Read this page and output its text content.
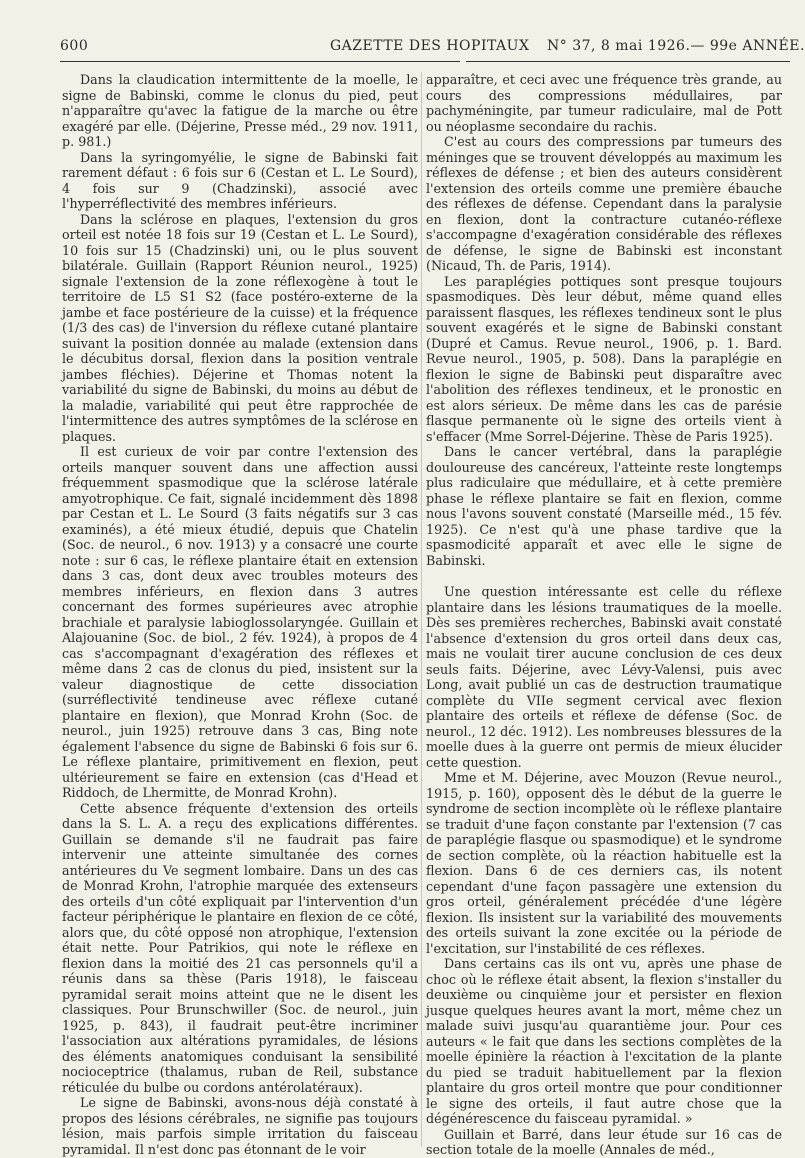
600	GAZETTE DES HOPITAUX N° 37, 8 mai 1926.— 99e ANNÉE.

Dans la claudication intermittente de la moelle, le signe de Babinski, comme le clonus du pied, peut n'apparaître qu'avec la fatigue de la marche ou être exagéré par elle. (Déjerine, Presse méd., 29 nov. 1911, p. 981.)

Dans la syringomyélie, le signe de Babinski fait rarement défaut : 6 fois sur 6 (Cestan et L. Le Sourd), 4 fois sur 9 (Chadzinski), associé avec l'hyperréflectivité des membres inférieurs.

Dans la sclérose en plaques, l'extension du gros orteil est notée 18 fois sur 19 (Cestan et L. Le Sourd), 10 fois sur 15 (Chadzinski) uni, ou le plus souvent bilatérale. Guillain (Rapport Réunion neurol., 1925) signale l'extension de la zone réflexogène à tout le territoire de L5 S1 S2 (face postéro-externe de la jambe et face postérieure de la cuisse) et la fréquence (1/3 des cas) de l'inversion du réflexe cutané plantaire suivant la position donnée au malade (extension dans le décubitus dorsal, flexion dans la position ventrale jambes fléchies). Déjerine et Thomas notent la variabilité du signe de Babinski, du moins au début de la maladie, variabilité qui peut être rapprochée de l'intermittence des autres symptômes de la sclérose en plaques.

Il est curieux de voir par contre l'extension des orteils manquer souvent dans une affection aussi fréquemment spasmodique que la sclérose latérale amyotrophique. Ce fait, signalé incidemment dès 1898 par Cestan et L. Le Sourd (3 faits négatifs sur 3 cas examinés), a été mieux étudié, depuis que Chatelin (Soc. de neurol., 6 nov. 1913) y a consacré une courte note : sur 6 cas, le réflexe plantaire était en extension dans 3 cas, dont deux avec troubles moteurs des membres inférieurs, en flexion dans 3 autres concernant des formes supérieures avec atrophie brachiale et paralysie labioglossolaryngée. Guillain et Alajouanine (Soc. de biol., 2 fév. 1924), à propos de 4 cas s'accompagnant d'exagération des réflexes et même dans 2 cas de clonus du pied, insistent sur la valeur diagnostique de cette dissociation (surréflectivité tendineuse avec réflexe cutané plantaire en flexion), que Monrad Krohn (Soc. de neurol., juin 1925) retrouve dans 3 cas, Bing note également l'absence du signe de Babinski 6 fois sur 6. Le réflexe plantaire, primitivement en flexion, peut ultérieurement se faire en extension (cas d'Head et Riddoch, de Lhermitte, de Monrad Krohn).

Cette absence fréquente d'extension des orteils dans la S. L. A. a reçu des explications différentes. Guillain se demande s'il ne faudrait pas faire intervenir une atteinte simultanée des cornes antérieures du Ve segment lombaire. Dans un des cas de Monrad Krohn, l'atrophie marquée des extenseurs des orteils d'un côté expliquait par l'intervention d'un facteur périphérique le plantaire en flexion de ce côté, alors que, du côté opposé non atrophique, l'extension était nette. Pour Patrikios, qui note le réflexe en flexion dans la moitié des 21 cas personnels qu'il a réunis dans sa thèse (Paris 1918), le faisceau pyramidal serait moins atteint que ne le disent les classiques. Pour Brunschwiller (Soc. de neurol., juin 1925, p. 843), il faudrait peut-être incriminer l'association aux altérations pyramidales, de lésions des éléments anatomiques conduisant la sensibilité nocioceptrice (thalamus, ruban de Reil, substance réticulée du bulbe ou cordons antérolatéraux).

Le signe de Babinski, avons-nous déjà constaté à propos des lésions cérébrales, ne signifie pas toujours lésion, mais parfois simple irritation du faisceau pyramidal. Il n'est donc pas étonnant de le voir

apparaître, et ceci avec une fréquence très grande, au cours des compressions médullaires, par pachyméningite, par tumeur radiculaire, mal de Pott ou néoplasme secondaire du rachis.

C'est au cours des compressions par tumeurs des méninges que se trouvent développés au maximum les réflexes de défense ; et bien des auteurs considèrent l'extension des orteils comme une première ébauche des réflexes de défense. Cependant dans la paralysie en flexion, dont la contracture cutanéo-réflexe s'accompagne d'exagération considérable des réflexes de défense, le signe de Babinski est inconstant (Nicaud, Th. de Paris, 1914).

Les paraplégies pottiques sont presque toujours spasmodiques. Dès leur début, même quand elles paraissent flasques, les réflexes tendineux sont le plus souvent exagérés et le signe de Babinski constant (Dupré et Camus. Revue neurol., 1906, p. 1. Bard. Revue neurol., 1905, p. 508). Dans la paraplégie en flexion le signe de Babinski peut disparaître avec l'abolition des réflexes tendineux, et le pronostic en est alors sérieux. De même dans les cas de parésie flasque permanente où le signe des orteils vient à s'effacer (Mme Sorrel-Déjerine. Thèse de Paris 1925).

Dans le cancer vertébral, dans la paraplégie douloureuse des cancéreux, l'atteinte reste longtemps plus radiculaire que médullaire, et à cette première phase le réflexe plantaire se fait en flexion, comme nous l'avons souvent constaté (Marseille méd., 15 fév. 1925). Ce n'est qu'à une phase tardive que la spasmodicité apparaît et avec elle le signe de Babinski.

Une question intéressante est celle du réflexe plantaire dans les lésions traumatiques de la moelle. Dès ses premières recherches, Babinski avait constaté l'absence d'extension du gros orteil dans deux cas, mais ne voulait tirer aucune conclusion de ces deux seuls faits. Déjerine, avec Lévy-Valensi, puis avec Long, avait publié un cas de destruction traumatique complète du VIIe segment cervical avec flexion plantaire des orteils et réflexe de défense (Soc. de neurol., 12 déc. 1912). Les nombreuses blessures de la moelle dues à la guerre ont permis de mieux élucider cette question.

Mme et M. Déjerine, avec Mouzon (Revue neurol., 1915, p. 160), opposent dès le début de la guerre le syndrome de section incomplète où le réflexe plantaire se traduit d'une façon constante par l'extension (7 cas de paraplégie flasque ou spasmodique) et le syndrome de section complète, où la réaction habituelle est la flexion. Dans 6 de ces derniers cas, ils notent cependant d'une façon passagère une extension du gros orteil, généralement précédée d'une légère flexion. Ils insistent sur la variabilité des mouvements des orteils suivant la zone excitée ou la période de l'excitation, sur l'instabilité de ces réflexes.

Dans certains cas ils ont vu, après une phase de choc où le réflexe était absent, la flexion s'installer du deuxième ou cinquième jour et persister en flexion jusque quelques heures avant la mort, même chez un malade suivi jusqu'au quarantième jour. Pour ces auteurs « le fait que dans les sections complètes de la moelle épinière la réaction à l'excitation de la plante du pied se traduit habituellement par la flexion plantaire du gros orteil montre que pour conditionner le signe des orteils, il faut autre chose que la dégénérescence du faisceau pyramidal. »

Guillain et Barré, dans leur étude sur 16 cas de section totale de la moelle (Annales de méd.,
